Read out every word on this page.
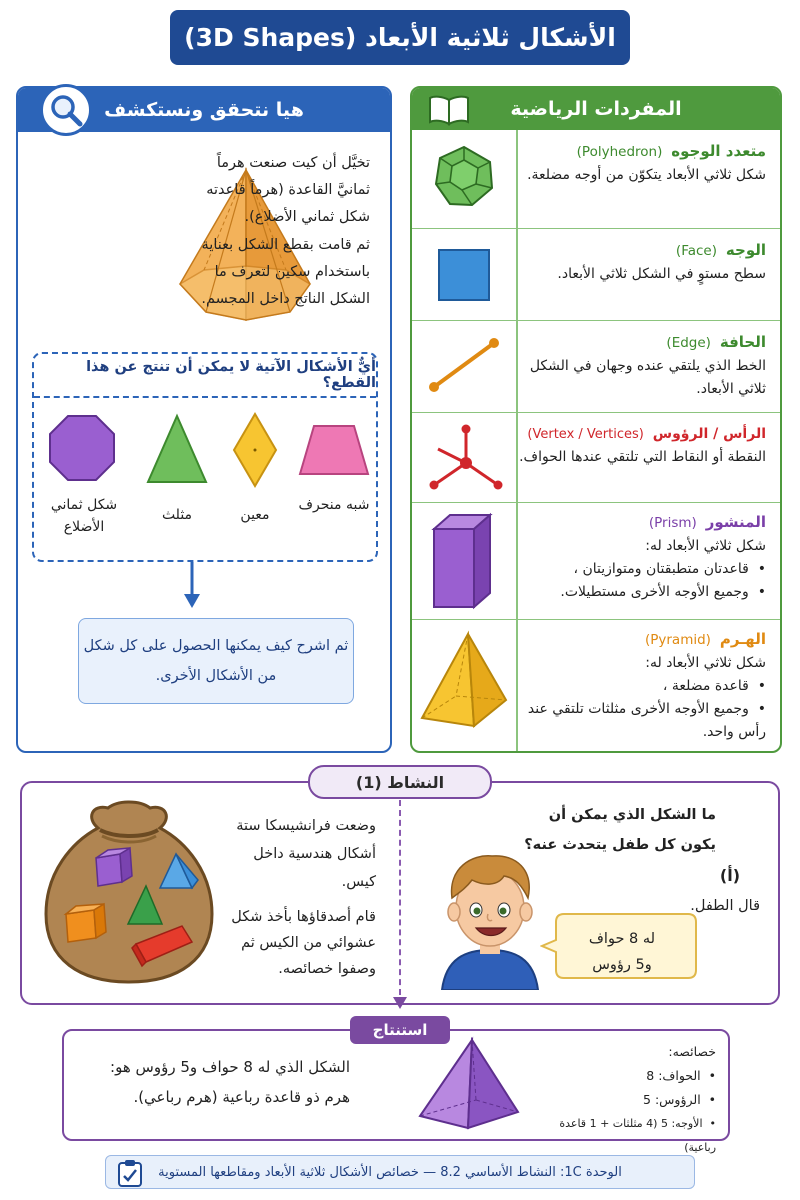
الأشكال ثلاثية الأبعاد (3D Shapes)
هيا نتحقق ونستكشف
تخيَّل أن كيت صنعت هرماً ثمانيَّ القاعدة (هرماً قاعدته شكل ثماني الأضلاع).
ثم قامت بقطع الشكل بعناية باستخدام سكين لتعرف ما الشكل الناتج داخل المجسم.
أيٌّ الأشكال الآتية لا يمكن أن تنتج عن هذا القطع؟
شبه منحرف
معين
مثلث
شكل ثماني الأضلاع
ثم اشرح كيف يمكنها الحصول على كل شكل من الأشكال الأخرى.
المفردات الرياضية
متعدد الوجوه  (Polyhedron)
شكل ثلاثي الأبعاد يتكوّن من أوجه مضلعة.
الوجه  (Face)
سطح مستوٍ في الشكل ثلاثي الأبعاد.
الحافة  (Edge)
الخط الذي يلتقي عنده وجهان في الشكل ثلاثي الأبعاد.
الرأس / الرؤوس  (Vertex / Vertices)
النقطة أو النقاط التي تلتقي عندها الحواف.
المنشور  (Prism)
شكل ثلاثي الأبعاد له:
•  قاعدتان متطبقتان ومتوازيتان ،
•  وجميع الأوجه الأخرى مستطيلات.
الهـرم  (Pyramid)
شكل ثلاثي الأبعاد له:
•  قاعدة مضلعة ،
•  وجميع الأوجه الأخرى مثلثات تلتقي عند رأس واحد.
النشاط (1)
وضعت فرانشيسكا ستة أشكال هندسية داخل كيس.
قام أصدقاؤها بأخذ شكل عشوائي من الكيس ثم وصفوا خصائصه.
ما الشكل الذي يمكن أن يكون كل طفل يتحدث عنه؟
(أ)
قال الطفل.
له 8 حواف
و5 رؤوس
استنتاج
الشكل الذي له 8 حواف و5 رؤوس هو: هرم ذو قاعدة رباعية (هرم رباعي).
خصائصه:
•  الحواف: 8
•  الرؤوس: 5
•  الأوجه: 5 (4 مثلثات + 1 قاعدة رباعية)
الوحدة 1C: النشاط الأساسي 8.2 — خصائص الأشكال ثلاثية الأبعاد ومقاطعها المستوية
